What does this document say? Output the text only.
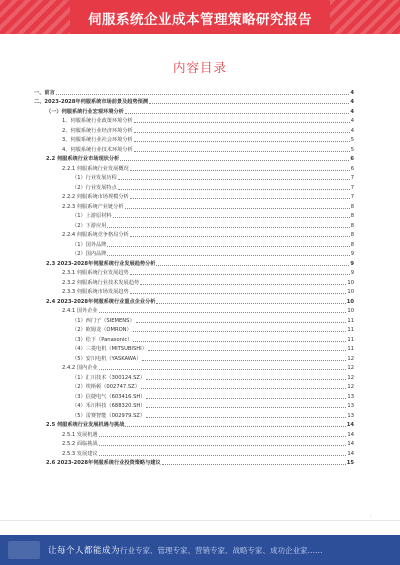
伺服系统企业成本管理策略研究报告
内容目录
一、前言	4
二、2023-2028年伺服系统市场前景及趋势预测	4
（一）伺服系统行业宏观环境分析	4
1、伺服系统行业政策环境分析	4
2、伺服系统行业经济环境分析	4
3、伺服系统行业社会环境分析	5
4、伺服系统行业技术环境分析	5
2.2 伺服系统行业市场现状分析	6
2.2.1 伺服系统行业发展概况	6
（1）行业发展历程	7
（2）行业发展特点	7
2.2.2 伺服系统市场规模分析	7
2.2.3 伺服系统产业链分析	8
（1）上游原材料	8
（2）下游应用	8
2.2.4 伺服系统竞争格局分析	8
（1）国外品牌	8
（2）国内品牌	9
2.3 2023-2028年伺服系统行业发展趋势分析	9
2.3.1 伺服系统行业发展趋势	9
2.3.2 伺服系统行业技术发展趋势	10
2.3.3 伺服系统市场发展趋势	10
2.4 2023-2028年伺服系统行业重点企业分析	10
2.4.1 国外企业	10
（1）西门子（SIEMENS）	11
（2）欧姆龙（OMRON）	11
（3）松下（Panasonic）	11
（4）三菱电机（MITSUBISHI）	11
（5）安川电机（YASKAWA）	12
2.4.2 国内企业	12
（1）汇川技术（300124.SZ）	12
（2）埃斯顿（002747.SZ）	12
（3）信捷电气（603416.SH）	13
（4）禾川科技（688320.SH）	13
（5）雷赛智能（002979.SZ）	13
2.5 伺服系统行业发展机遇与挑战	14
2.5.1 发展机遇	14
2.5.2 面临挑战	14
2.5.3 发展建议	14
2.6 2023-2028年伺服系统行业投资策略与建议	15
·
让每个人都能成为 行业专家、管理专家、营销专家、战略专家、成功企业家……
